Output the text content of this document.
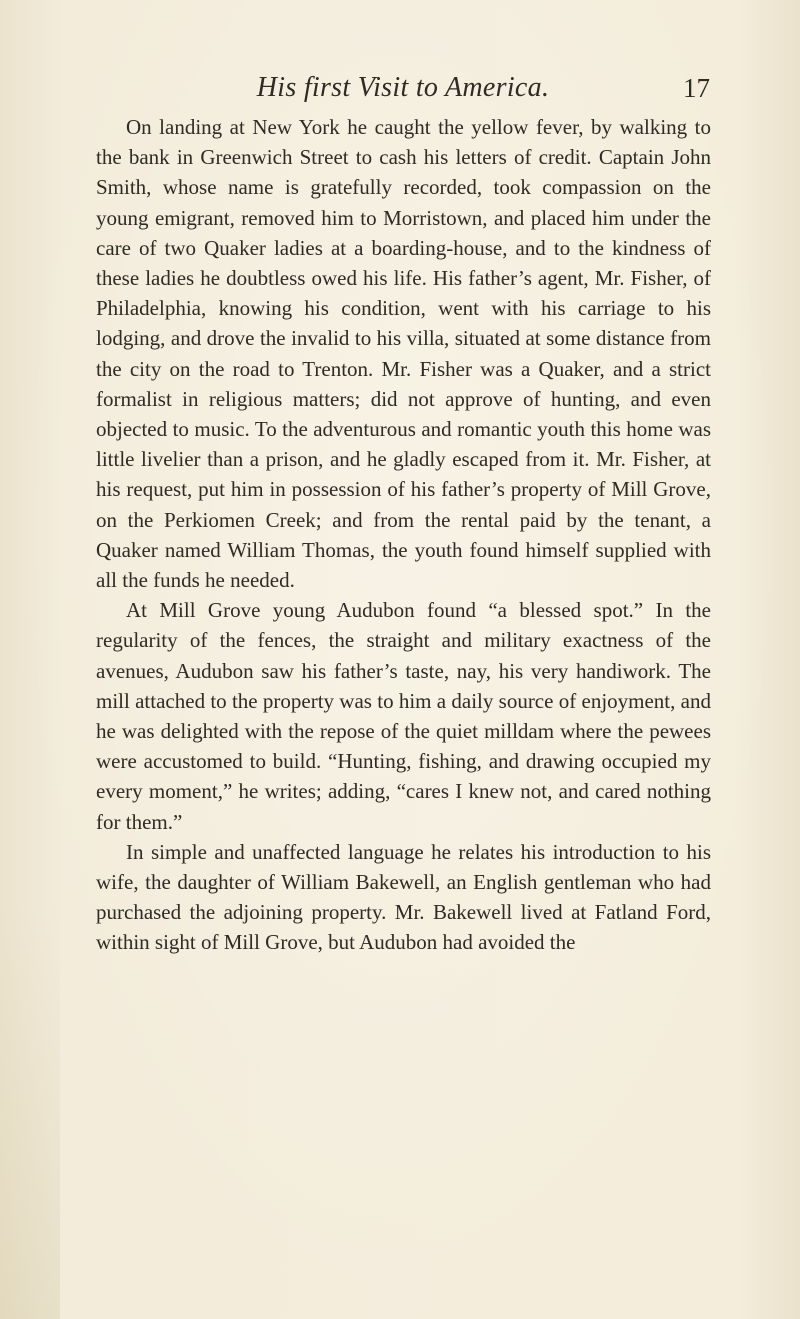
His first Visit to America.	17

On landing at New York he caught the yellow fever, by walking to the bank in Greenwich Street to cash his letters of credit. Captain John Smith, whose name is gratefully recorded, took compassion on the young emigrant, removed him to Morristown, and placed him under the care of two Quaker ladies at a boarding-house, and to the kindness of these ladies he doubtless owed his life. His father’s agent, Mr. Fisher, of Philadelphia, knowing his condition, went with his carriage to his lodging, and drove the invalid to his villa, situated at some distance from the city on the road to Trenton. Mr. Fisher was a Quaker, and a strict formalist in religious matters; did not approve of hunting, and even objected to music. To the adventurous and romantic youth this home was little livelier than a prison, and he gladly escaped from it. Mr. Fisher, at his request, put him in possession of his father’s property of Mill Grove, on the Perkiomen Creek; and from the rental paid by the tenant, a Quaker named William Thomas, the youth found himself supplied with all the funds he needed.

At Mill Grove young Audubon found “a blessed spot.” In the regularity of the fences, the straight and military exactness of the avenues, Audubon saw his father’s taste, nay, his very handiwork. The mill attached to the property was to him a daily source of enjoyment, and he was delighted with the repose of the quiet milldam where the pewees were accustomed to build. “Hunting, fishing, and drawing occupied my every moment,” he writes; adding, “cares I knew not, and cared nothing for them.”

In simple and unaffected language he relates his introduction to his wife, the daughter of William Bakewell, an English gentleman who had purchased the adjoining property. Mr. Bakewell lived at Fatland Ford, within sight of Mill Grove, but Audubon had avoided the
